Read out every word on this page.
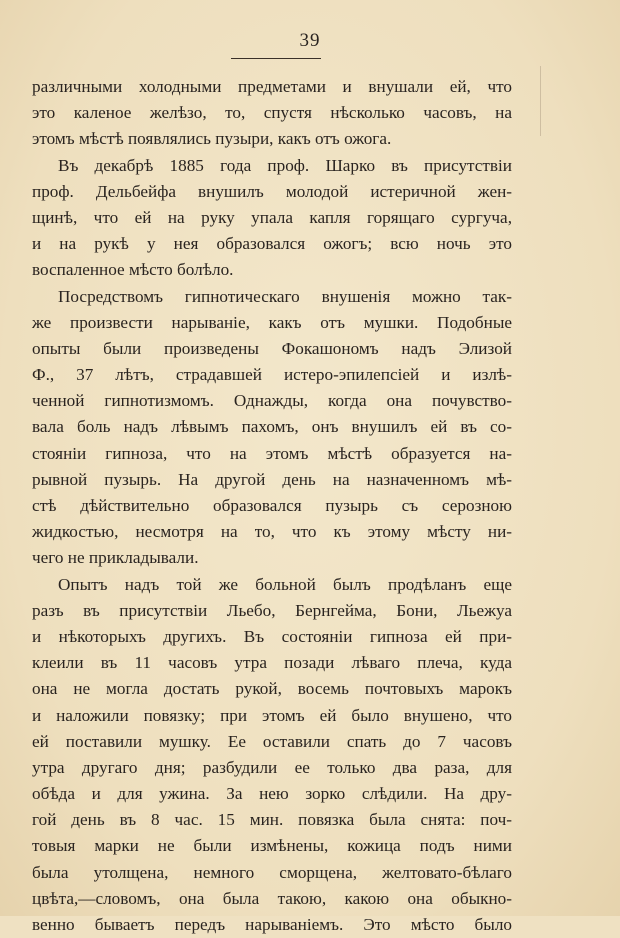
39
различными холодными предметами и внушали ей, что
это каленое желѣзо, то, спустя нѣсколько часовъ, на
этомъ мѣстѣ появлялись пузыри, какъ отъ ожога.
Въ декабрѣ 1885 года проф. Шарко въ присутствіи
проф. Дельбейфа внушилъ молодой истеричной жен-
щинѣ, что ей на руку упала капля горящаго сургуча,
и на рукѣ у нея образовался ожогъ; всю ночь это
воспаленное мѣсто болѣло.
Посредствомъ гипнотическаго внушенія можно так-
же произвести нарываніе, какъ отъ мушки. Подобные
опыты были произведены Фокашономъ надъ Элизой
Ф., 37 лѣтъ, страдавшей истеро-эпилепсіей и излѣ-
ченной гипнотизмомъ. Однажды, когда она почувство-
вала боль надъ лѣвымъ пахомъ, онъ внушилъ ей въ со-
стояніи гипноза, что на этомъ мѣстѣ образуется на-
рывной пузырь. На другой день на назначенномъ мѣ-
стѣ дѣйствительно образовался пузырь съ серозною
жидкостью, несмотря на то, что къ этому мѣсту ни-
чего не прикладывали.
Опытъ надъ той же больной былъ продѣланъ еще
разъ въ присутствіи Льебо, Бернгейма, Бони, Льежуа
и нѣкоторыхъ другихъ. Въ состояніи гипноза ей при-
клеили въ 11 часовъ утра позади лѣваго плеча, куда
она не могла достать рукой, восемь почтовыхъ марокъ
и наложили повязку; при этомъ ей было внушено, что
ей поставили мушку. Ее оставили спать до 7 часовъ
утра другаго дня; разбудили ее только два раза, для
обѣда и для ужина. За нею зорко слѣдили. На дру-
гой день въ 8 час. 15 мин. повязка была снята: поч-
товыя марки не были измѣнены, кожица подъ ними
была утолщена, немного сморщена, желтовато-бѣлаго
цвѣта,—словомъ, она была такою, какою она обыкно-
венно бываетъ передъ нарываніемъ. Это мѣсто было
